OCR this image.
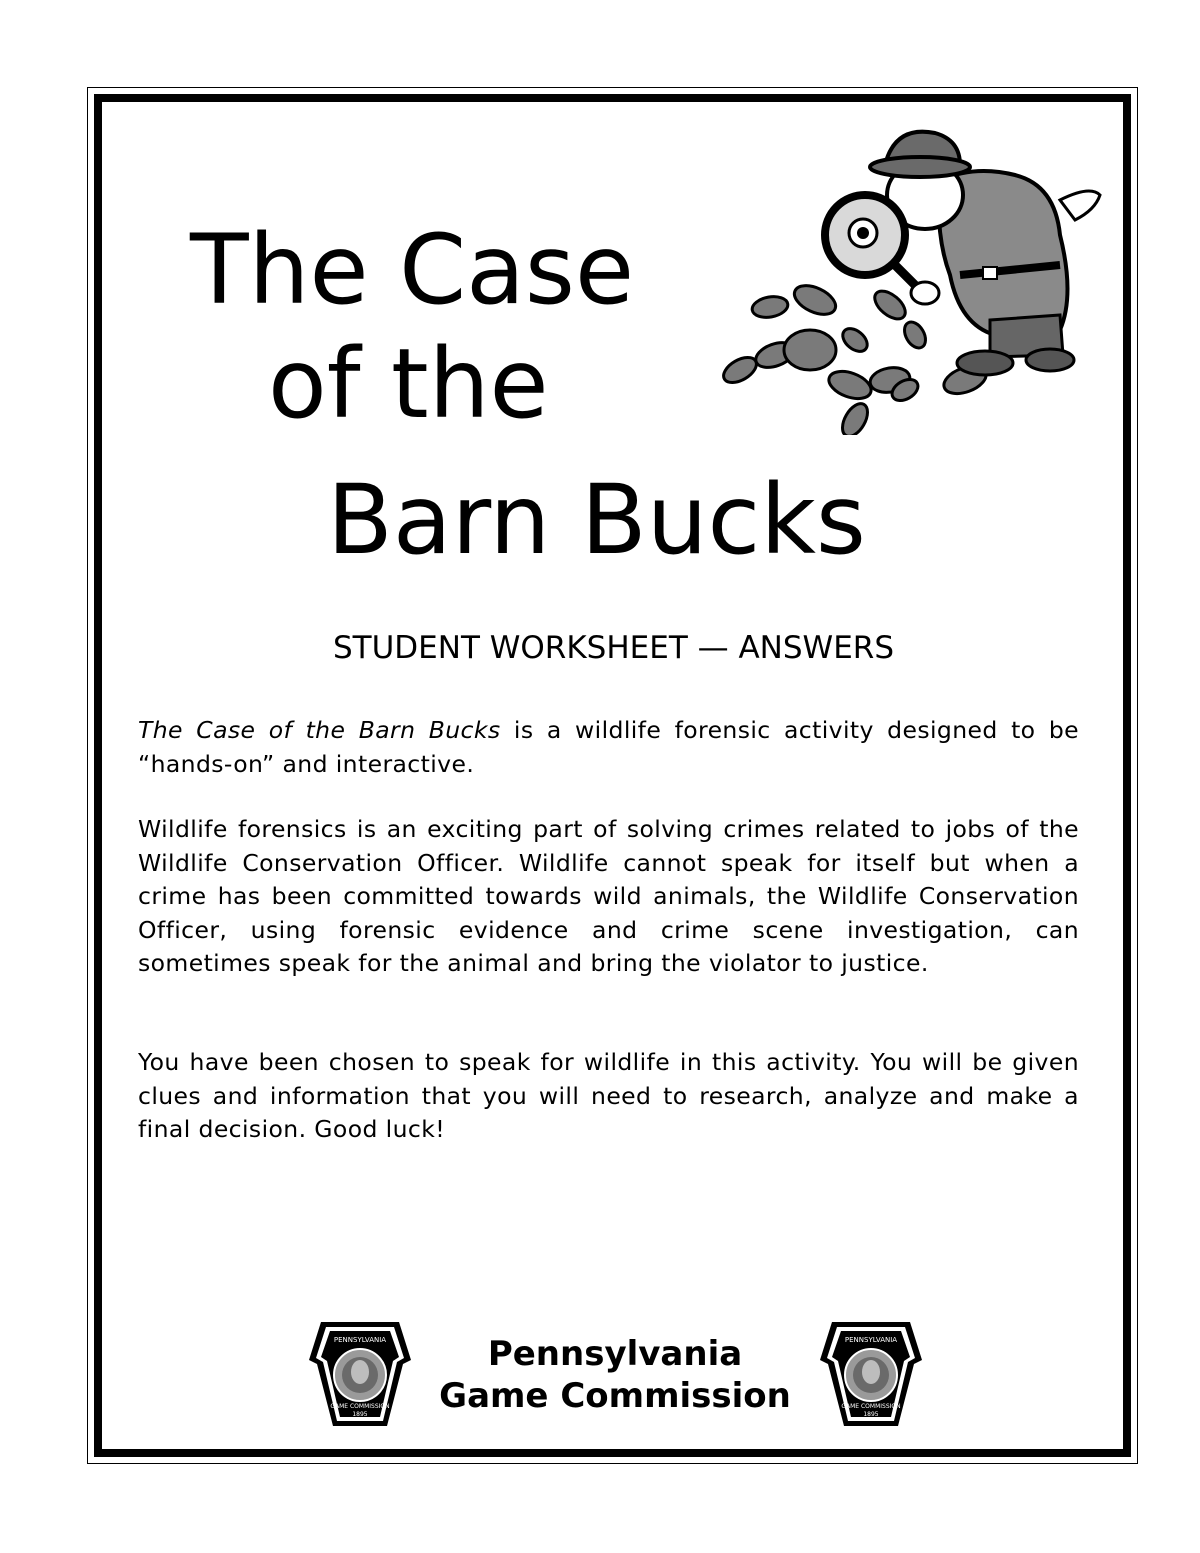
The Case
of the
Barn Bucks

STUDENT WORKSHEET — ANSWERS

The Case of the Barn Bucks is a wildlife forensic activity designed to be “hands-on” and interactive.

Wildlife forensics is an exciting part of solving crimes related to jobs of the Wildlife Conservation Officer. Wildlife cannot speak for itself but when a crime has been committed towards wild animals, the Wildlife Conservation Officer, using forensic evidence and crime scene investigation, can sometimes speak for the animal and bring the violator to justice.

You have been chosen to speak for wildlife in this activity. You will be given clues and information that you will need to research, analyze and make a final decision. Good luck!

PENNSYLVANIA
GAME COMMISSION
1895
Pennsylvania
Game Commission
PENNSYLVANIA
GAME COMMISSION
1895
